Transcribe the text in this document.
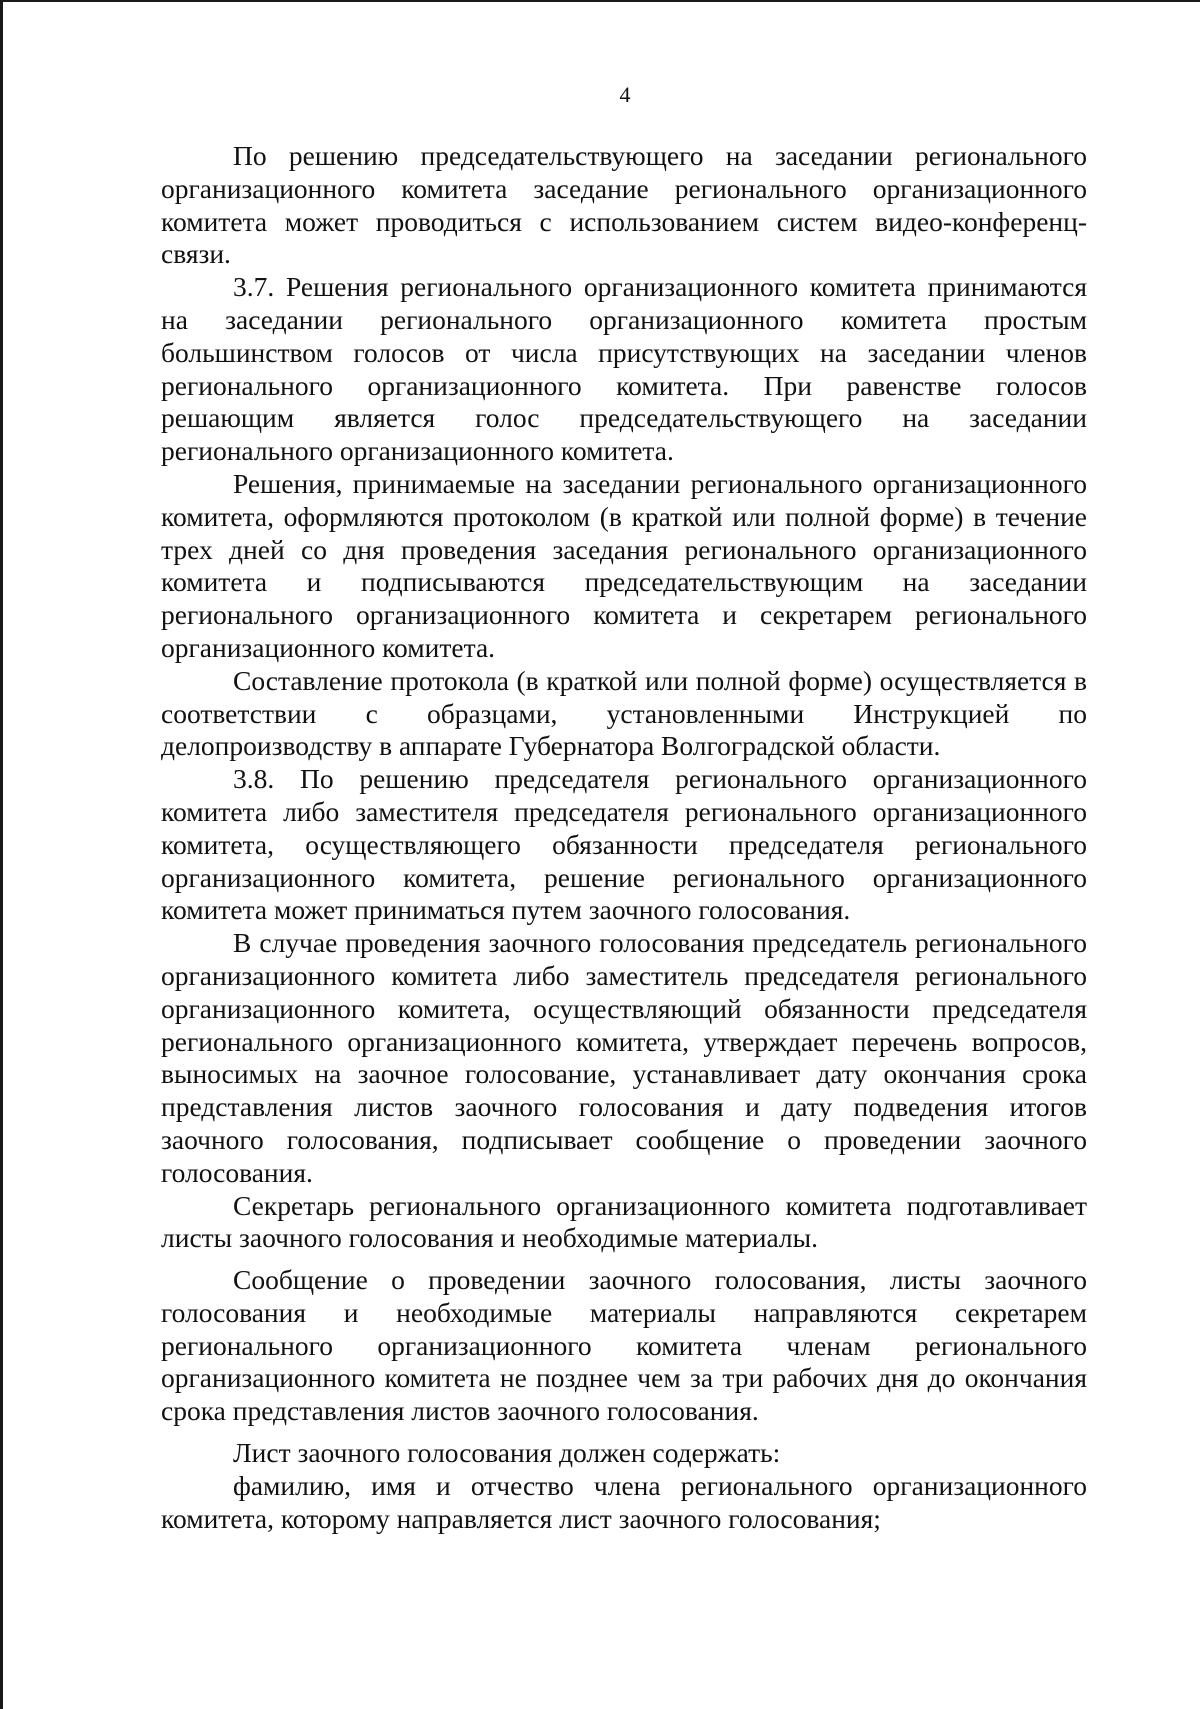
4

По решению председательствующего на заседании регионального организационного комитета заседание регионального организационного комитета может проводиться с использованием систем видео-конференц-связи.

3.7. Решения регионального организационного комитета принимаются на заседании регионального организационного комитета простым большинством голосов от числа присутствующих на заседании членов регионального организационного комитета. При равенстве голосов решающим является голос председательствующего на заседании регионального организационного комитета.

Решения, принимаемые на заседании регионального организационного комитета, оформляются протоколом (в краткой или полной форме) в течение трех дней со дня проведения заседания регионального организационного комитета и подписываются председательствующим на заседании регионального организационного комитета и секретарем регионального организационного комитета.

Составление протокола (в краткой или полной форме) осуществляется в соответствии с образцами, установленными Инструкцией по делопроизводству в аппарате Губернатора Волгоградской области.

3.8. По решению председателя регионального организационного комитета либо заместителя председателя регионального организационного комитета, осуществляющего обязанности председателя регионального организационного комитета, решение регионального организационного комитета может приниматься путем заочного голосования.

В случае проведения заочного голосования председатель регионального организационного комитета либо заместитель председателя регионального организационного комитета, осуществляющий обязанности председателя регионального организационного комитета, утверждает перечень вопросов, выносимых на заочное голосование, устанавливает дату окончания срока представления листов заочного голосования и дату подведения итогов заочного голосования, подписывает сообщение о проведении заочного голосования.

Секретарь регионального организационного комитета подготавливает листы заочного голосования и необходимые материалы.

Сообщение о проведении заочного голосования, листы заочного голосования и необходимые материалы направляются секретарем регионального организационного комитета членам регионального организационного комитета не позднее чем за три рабочих дня до окончания срока представления листов заочного голосования.

Лист заочного голосования должен содержать:

фамилию, имя и отчество члена регионального организационного комитета, которому направляется лист заочного голосования;
